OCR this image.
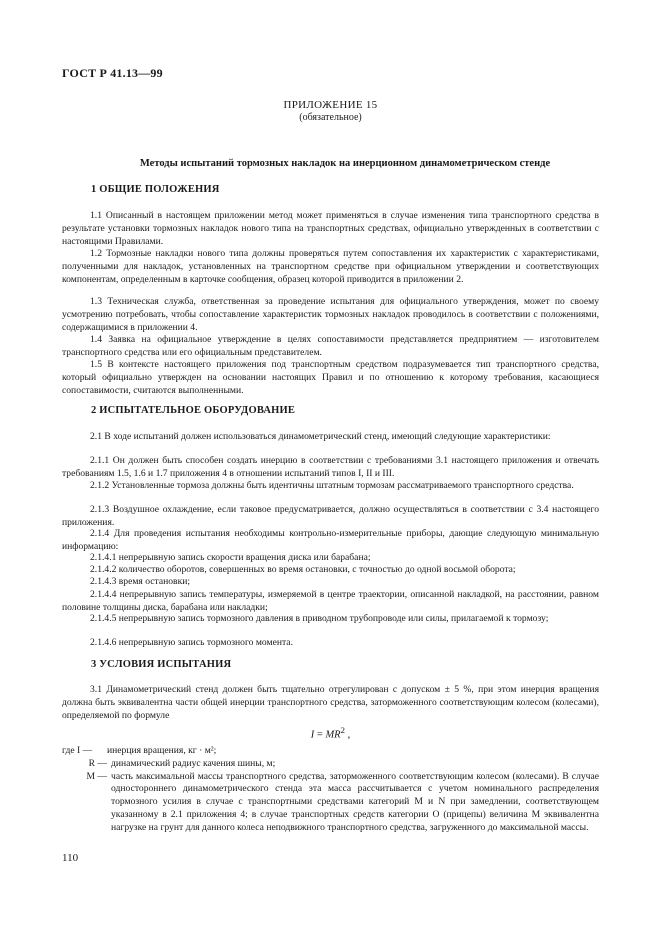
ГОСТ Р 41.13—99
ПРИЛОЖЕНИЕ 15
(обязательное)
Методы испытаний тормозных накладок на инерционном динамометрическом стенде
1 ОБЩИЕ ПОЛОЖЕНИЯ

1.1 Описанный в настоящем приложении метод может применяться в случае изменения типа транспортного средства в результате установки тормозных накладок нового типа на транспортных средствах, официально утвержденных в соответствии с настоящими Правилами.

1.2 Тормозные накладки нового типа должны проверяться путем сопоставления их характеристик с характеристиками, полученными для накладок, установленных на транспортном средстве при официальном утверждении и соответствующих компонентам, определенным в карточке сообщения, образец которой приводится в приложении 2.

1.3 Техническая служба, ответственная за проведение испытания для официального утверждения, может по своему усмотрению потребовать, чтобы сопоставление характеристик тормозных накладок проводилось в соответствии с положениями, содержащимися в приложении 4.

1.4 Заявка на официальное утверждение в целях сопоставимости представляется предприятием — изготовителем транспортного средства или его официальным представителем.

1.5 В контексте настоящего приложения под транспортным средством подразумевается тип транспортного средства, который официально утвержден на основании настоящих Правил и по отношению к которому требования, касающиеся сопоставимости, считаются выполненными.

2 ИСПЫТАТЕЛЬНОЕ ОБОРУДОВАНИЕ

2.1 В ходе испытаний должен использоваться динамометрический стенд, имеющий следующие характеристики:

2.1.1 Он должен быть способен создать инерцию в соответствии с требованиями 3.1 настоящего приложения и отвечать требованиям 1.5, 1.6 и 1.7 приложения 4 в отношении испытаний типов I, II и III.

2.1.2 Установленные тормоза должны быть идентичны штатным тормозам рассматриваемого транспортного средства.

2.1.3 Воздушное охлаждение, если таковое предусматривается, должно осуществляться в соответствии с 3.4 настоящего приложения.

2.1.4 Для проведения испытания необходимы контрольно-измерительные приборы, дающие следующую минимальную информацию:

2.1.4.1 непрерывную запись скорости вращения диска или барабана;

2.1.4.2 количество оборотов, совершенных во время остановки, с точностью до одной восьмой оборота;

2.1.4.3 время остановки;

2.1.4.4 непрерывную запись температуры, измеряемой в центре траектории, описанной накладкой, на расстоянии, равном половине толщины диска, барабана или накладки;

2.1.4.5 непрерывную запись тормозного давления в приводном трубопроводе или силы, прилагаемой к тормозу;

2.1.4.6 непрерывную запись тормозного момента.

3 УСЛОВИЯ ИСПЫТАНИЯ

3.1 Динамометрический стенд должен быть тщательно отрегулирован с допуском ± 5 %, при этом инерция вращения должна быть эквивалентна части общей инерции транспортного средства, заторможенного соответствующим колесом (колесами), определяемой по формуле

$I = MR^2$ ,
где I —	инерция вращения, кг · м²;
R — динамический радиус качения шины, м;
M — часть максимальной массы транспортного средства, заторможенного соответствующим колесом (колесами). В случае одностороннего динамометрического стенда эта масса рассчитывается с учетом номинального распределения тормозного усилия в случае с транспортными средствами категорий М и N при замедлении, соответствующем указанному в 2.1 приложения 4; в случае транспортных средств категории О (прицепы) величина M эквивалентна нагрузке на грунт для данного колеса неподвижного транспортного средства, загруженного до максимальной массы.
110
